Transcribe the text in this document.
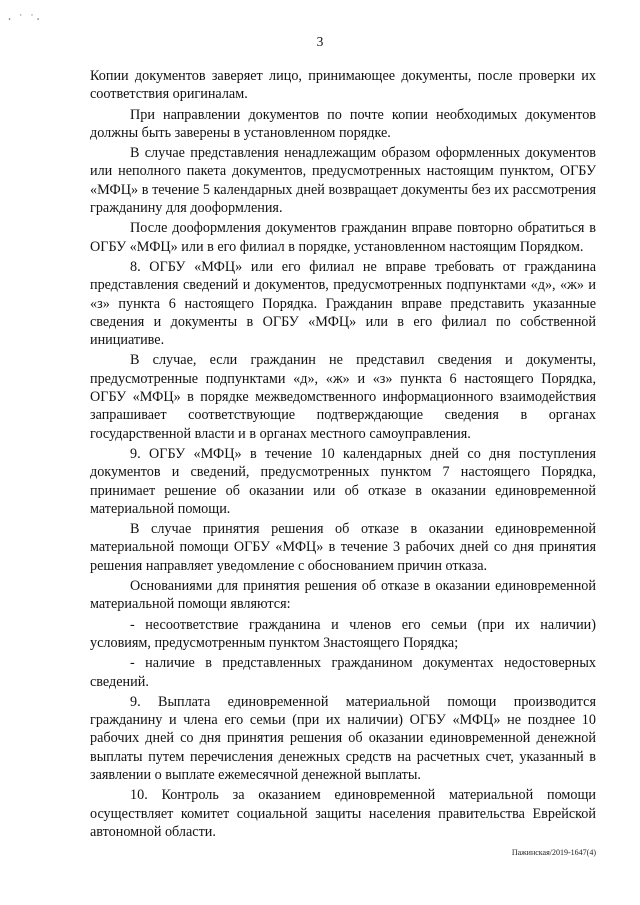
¸ · ·¸
3

Копии документов заверяет лицо, принимающее документы, после проверки их соответствия оригиналам.

При направлении документов по почте копии необходимых документов должны быть заверены в установленном порядке.

В случае представления ненадлежащим образом оформленных документов или неполного пакета документов, предусмотренных настоящим пунктом, ОГБУ «МФЦ» в течение 5 календарных дней возвращает документы без их рассмотрения гражданину для дооформления.

После дооформления документов гражданин вправе повторно обратиться в ОГБУ «МФЦ» или в его филиал в порядке, установленном настоящим Порядком.

8. ОГБУ «МФЦ» или его филиал не вправе требовать от гражданина представления сведений и документов, предусмотренных подпунктами «д», «ж» и «з» пункта 6 настоящего Порядка. Гражданин вправе представить указанные сведения и документы в ОГБУ «МФЦ» или в его филиал по собственной инициативе.

В случае, если гражданин не представил сведения и документы, предусмотренные подпунктами «д», «ж» и «з» пункта 6 настоящего Порядка, ОГБУ «МФЦ» в порядке межведомственного информационного взаимодействия запрашивает соответствующие подтверждающие сведения в органах государственной власти и в органах местного самоуправления.

9. ОГБУ «МФЦ» в течение 10 календарных дней со дня поступления документов и сведений, предусмотренных пунктом 7 настоящего Порядка, принимает решение об оказании или об отказе в оказании единовременной материальной помощи.

В случае принятия решения об отказе в оказании единовременной материальной помощи ОГБУ «МФЦ» в течение 3 рабочих дней со дня принятия решения направляет уведомление с обоснованием причин отказа.

Основаниями для принятия решения об отказе в оказании единовременной материальной помощи являются:

- несоответствие гражданина и членов его семьи (при их наличии) условиям, предусмотренным пунктом 3настоящего Порядка;

- наличие в представленных гражданином документах недостоверных сведений.

9. Выплата единовременной материальной помощи производится гражданину и члена его семьи (при их наличии) ОГБУ «МФЦ» не позднее 10 рабочих дней со дня принятия решения об оказании единовременной денежной выплаты путем перечисления денежных средств на расчетных счет, указанный в заявлении о выплате ежемесячной денежной выплаты.

10. Контроль за оказанием единовременной материальной помощи осуществляет комитет социальной защиты населения правительства Еврейской автономной области.

Пажинская/2019-1647(4)
